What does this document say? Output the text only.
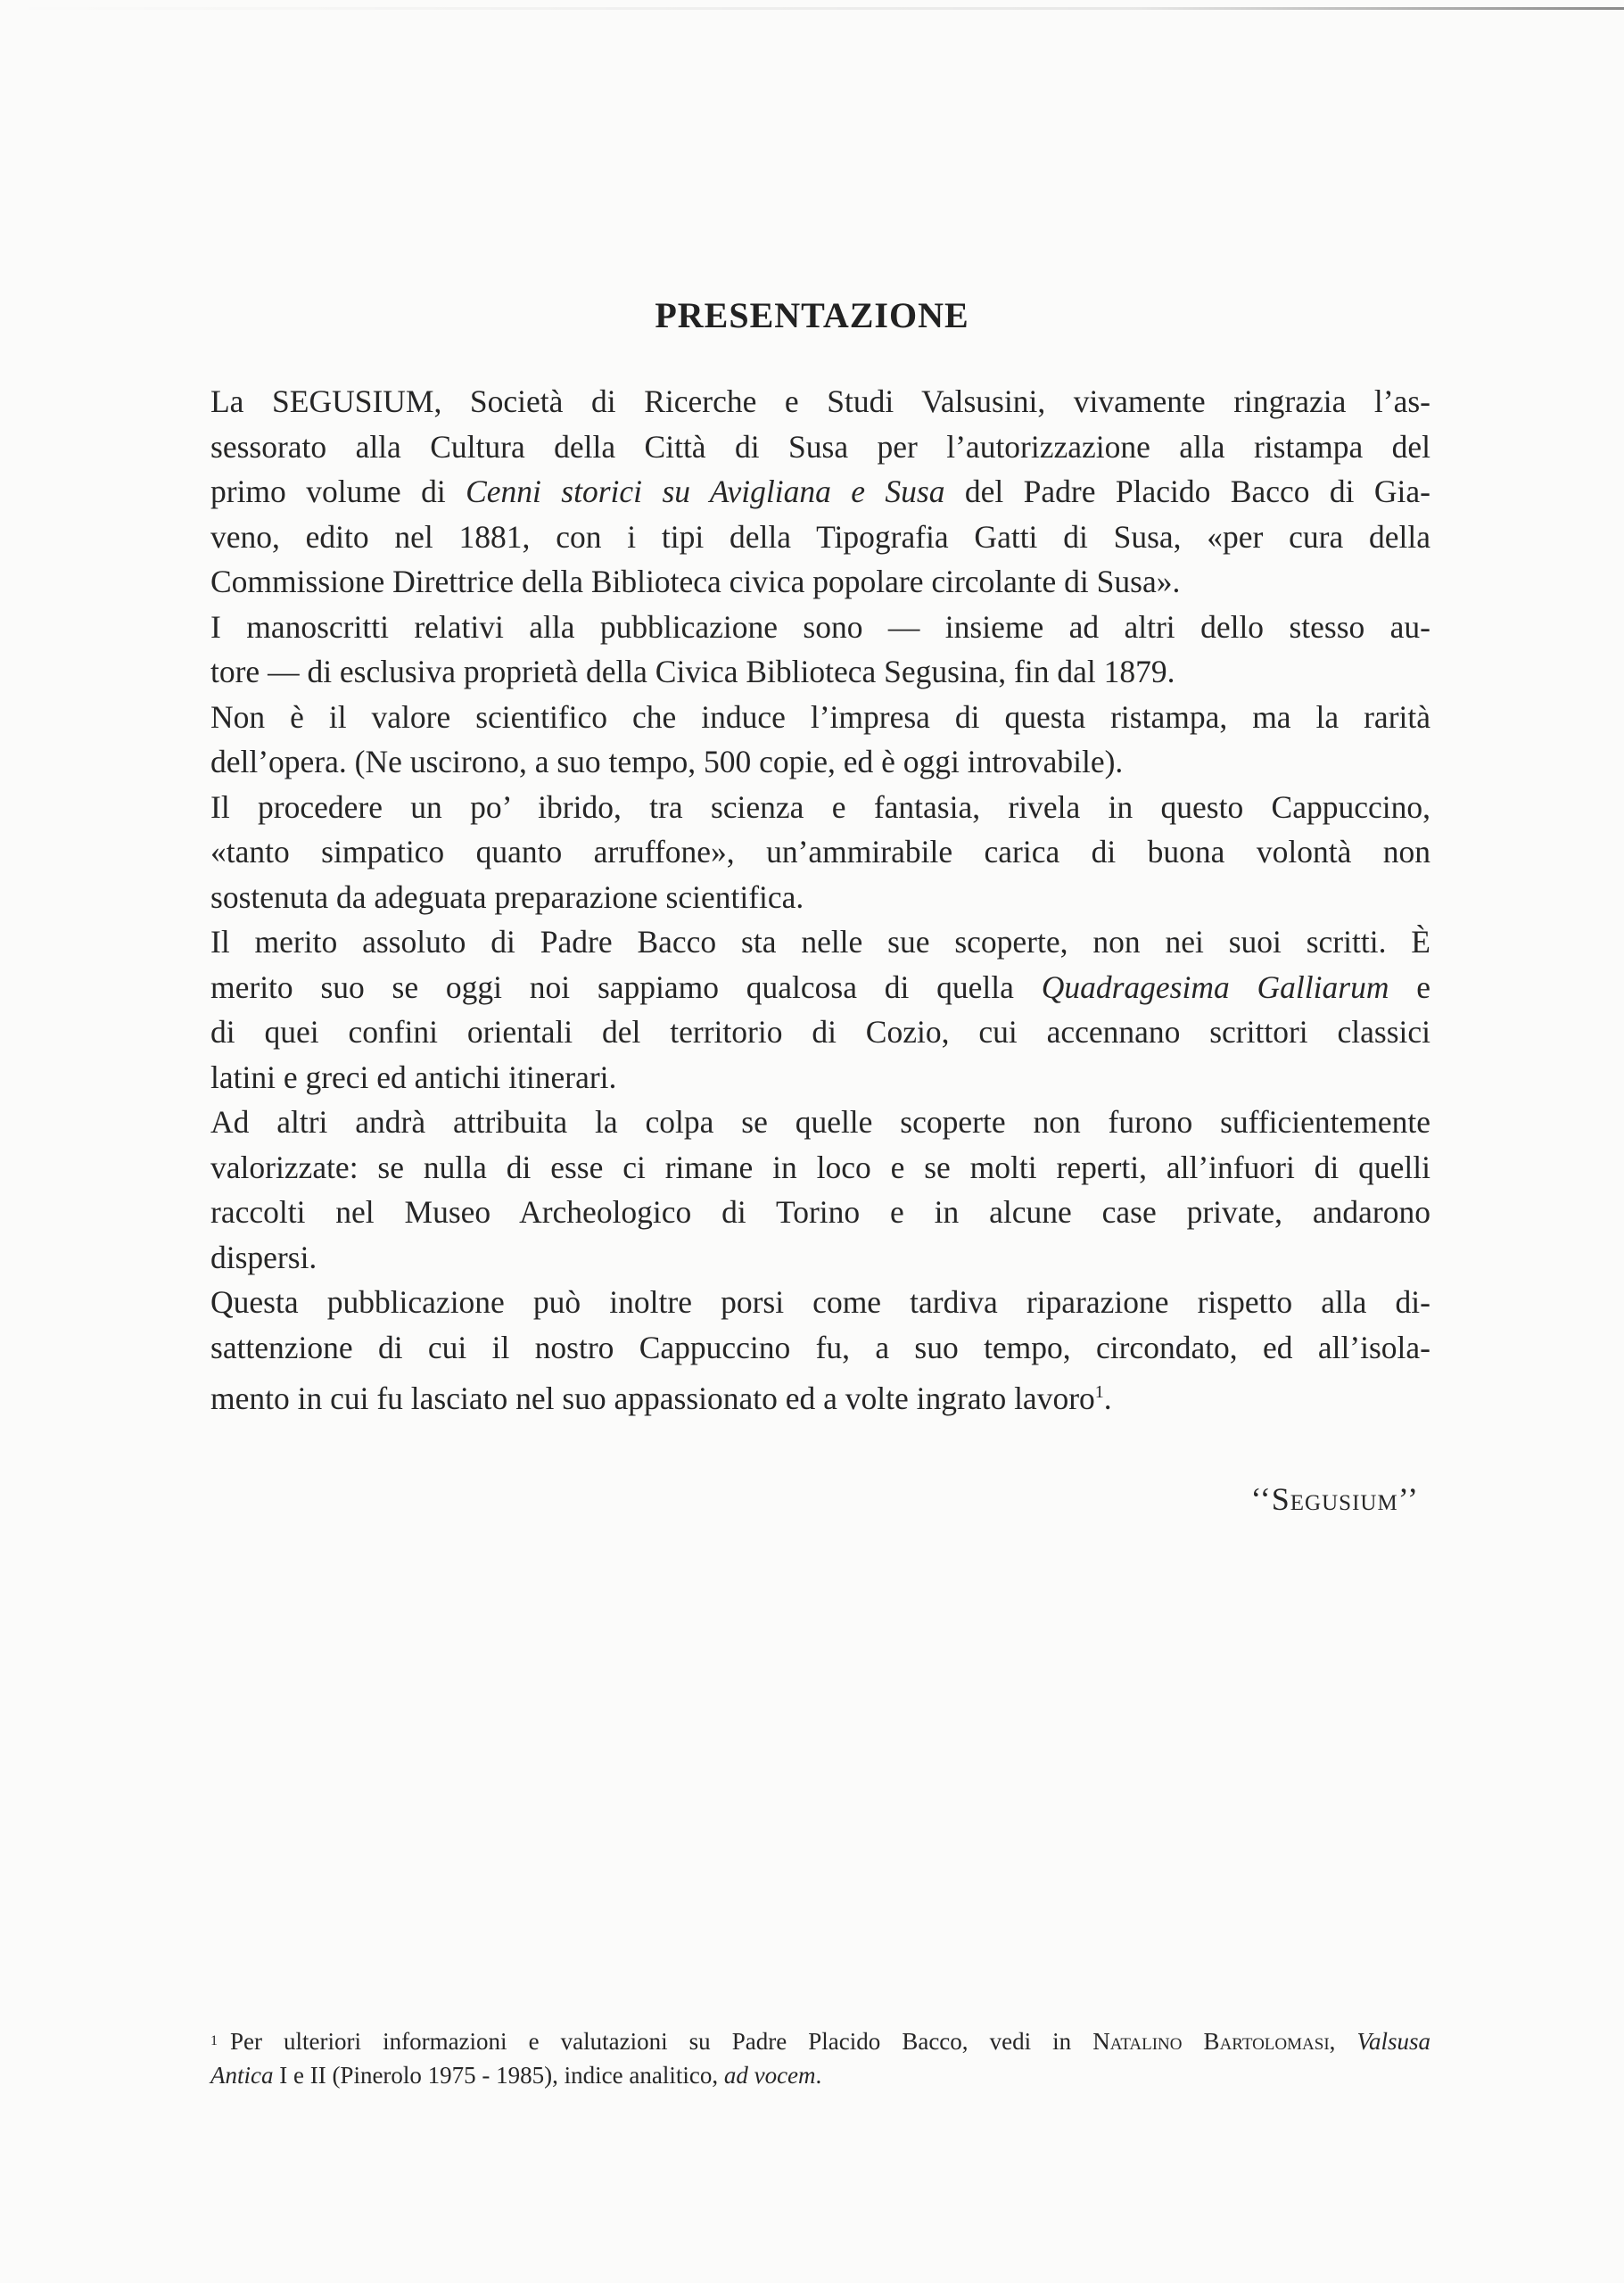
PRESENTAZIONE
La SEGUSIUM, Società di Ricerche e Studi Valsusini, vivamente ringrazia l’as-
sessorato alla Cultura della Città di Susa per l’autorizzazione alla ristampa del
primo volume di Cenni storici su Avigliana e Susa del Padre Placido Bacco di Gia-
veno, edito nel 1881, con i tipi della Tipografia Gatti di Susa, «per cura della
Commissione Direttrice della Biblioteca civica popolare circolante di Susa».
I manoscritti relativi alla pubblicazione sono — insieme ad altri dello stesso au-
tore — di esclusiva proprietà della Civica Biblioteca Segusina, fin dal 1879.
Non è il valore scientifico che induce l’impresa di questa ristampa, ma la rarità
dell’opera. (Ne uscirono, a suo tempo, 500 copie, ed è oggi introvabile).
Il procedere un po’ ibrido, tra scienza e fantasia, rivela in questo Cappuccino,
«tanto simpatico quanto arruffone», un’ammirabile carica di buona volontà non
sostenuta da adeguata preparazione scientifica.
Il merito assoluto di Padre Bacco sta nelle sue scoperte, non nei suoi scritti. È
merito suo se oggi noi sappiamo qualcosa di quella Quadragesima Galliarum e
di quei confini orientali del territorio di Cozio, cui accennano scrittori classici
latini e greci ed antichi itinerari.
Ad altri andrà attribuita la colpa se quelle scoperte non furono sufficientemente
valorizzate: se nulla di esse ci rimane in loco e se molti reperti, all’infuori di quelli
raccolti nel Museo Archeologico di Torino e in alcune case private, andarono
dispersi.
Questa pubblicazione può inoltre porsi come tardiva riparazione rispetto alla di-
sattenzione di cui il nostro Cappuccino fu, a suo tempo, circondato, ed all’isola-
mento in cui fu lasciato nel suo appassionato ed a volte ingrato lavoro$^1$.
‘‘Segusium’’
$^1$ Per ulteriori informazioni e valutazioni su Padre Placido Bacco, vedi in Natalino Bartolomasi, Valsusa
Antica I e II (Pinerolo 1975 - 1985), indice analitico, ad vocem.
